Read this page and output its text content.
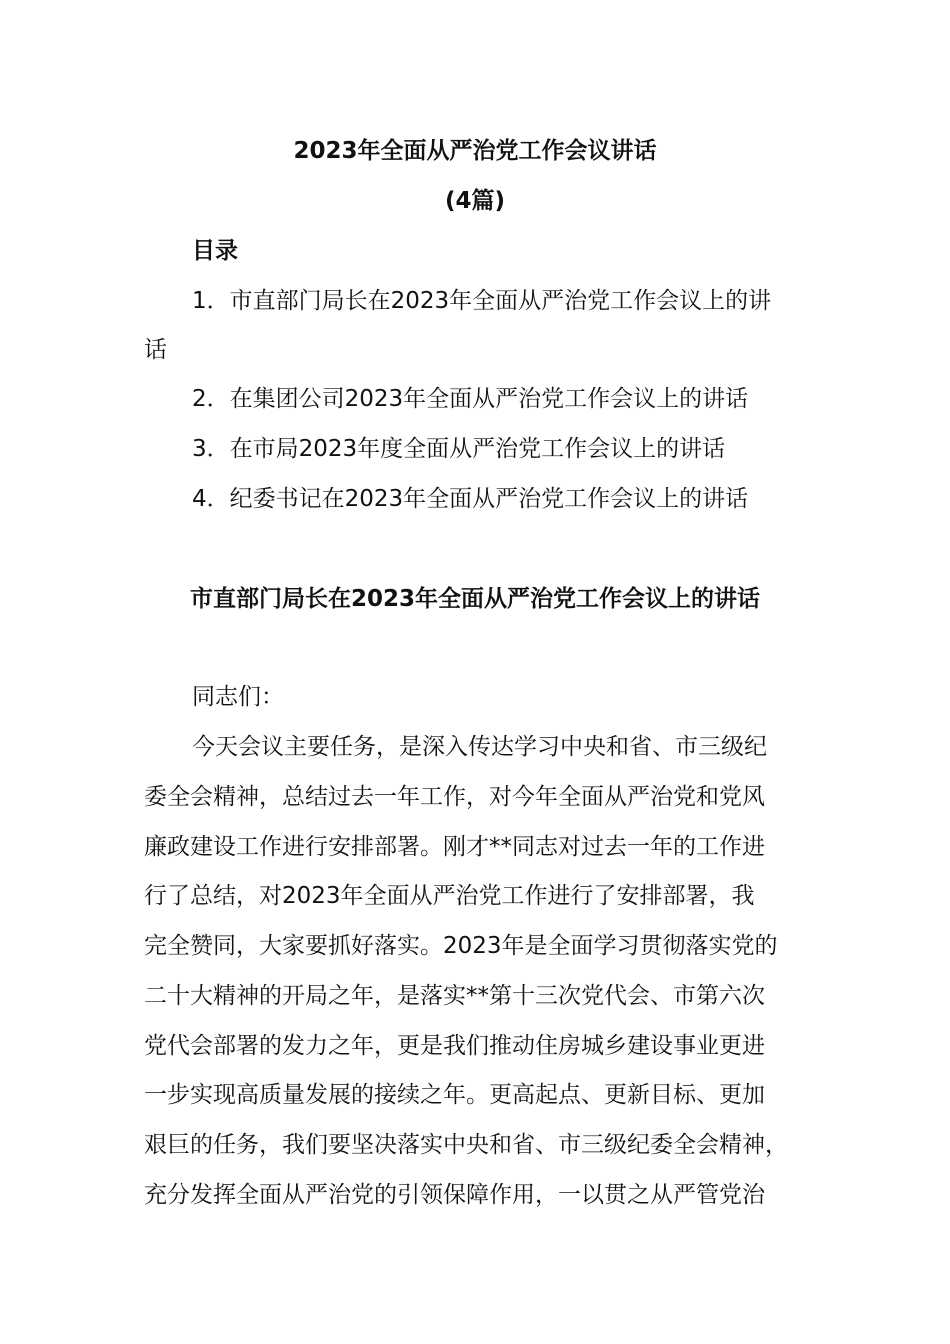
2023年全面从严治党工作会议讲话
(4篇)
目录
1．市直部门局长在2023年全面从严治党工作会议上的讲
话
2．在集团公司2023年全面从严治党工作会议上的讲话
3．在市局2023年度全面从严治党工作会议上的讲话
4．纪委书记在2023年全面从严治党工作会议上的讲话
市直部门局长在2023年全面从严治党工作会议上的讲话
同志们：
今天会议主要任务，是深入传达学习中央和省、市三级纪
委全会精神，总结过去一年工作，对今年全面从严治党和党风
廉政建设工作进行安排部署。刚才**同志对过去一年的工作进
行了总结，对2023年全面从严治党工作进行了安排部署，我
完全赞同，大家要抓好落实。2023年是全面学习贯彻落实党的
二十大精神的开局之年，是落实**第十三次党代会、市第六次
党代会部署的发力之年，更是我们推动住房城乡建设事业更进
一步实现高质量发展的接续之年。更高起点、更新目标、更加
艰巨的任务，我们要坚决落实中央和省、市三级纪委全会精神，
充分发挥全面从严治党的引领保障作用，一以贯之从严管党治
